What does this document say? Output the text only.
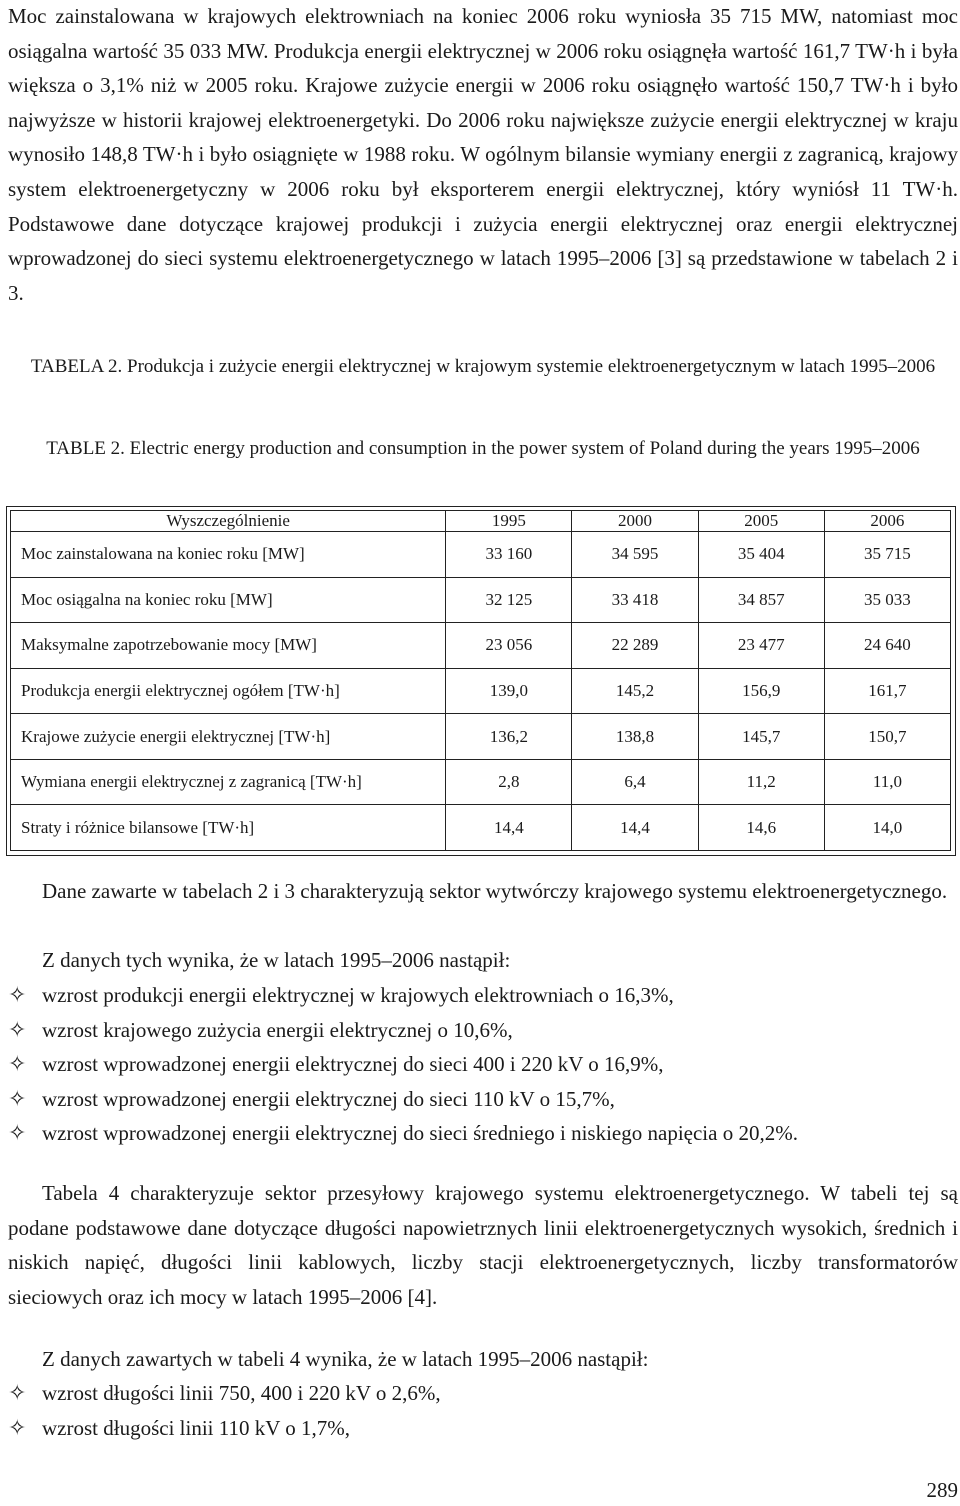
Moc zainstalowana w krajowych elektrowniach na koniec 2006 roku wyniosła 35 715 MW, natomiast moc osiągalna wartość 35 033 MW. Produkcja energii elektrycznej w 2006 roku osiągnęła wartość 161,7 TW·h i była większa o 3,1% niż w 2005 roku. Krajowe zużycie energii w 2006 roku osiągnęło wartość 150,7 TW·h i było najwyższe w historii krajowej elektroenergetyki. Do 2006 roku największe zużycie energii elektrycznej w kraju wynosiło 148,8 TW·h i było osiągnięte w 1988 roku. W ogólnym bilansie wymiany energii z zagranicą, krajowy system elektroenergetyczny w 2006 roku był eksporterem energii elektrycznej, który wyniósł 11 TW·h. Podstawowe dane dotyczące krajowej produkcji i zużycia energii elektrycznej oraz energii elektrycznej wprowadzonej do sieci systemu elektroenergetycznego w latach 1995–2006 [3] są przedstawione w tabelach 2 i 3.

TABELA 2. Produkcja i zużycie energii elektrycznej w krajowym systemie elektroenergetycznym w latach 1995–2006

TABLE 2. Electric energy production and consumption in the power system of Poland during the years 1995–2006

Wyszczególnienie	1995	2000	2005	2006
Moc zainstalowana na koniec roku [MW]	33 160	34 595	35 404	35 715
Moc osiągalna na koniec roku [MW]	32 125	33 418	34 857	35 033
Maksymalne zapotrzebowanie mocy [MW]	23 056	22 289	23 477	24 640
Produkcja energii elektrycznej ogółem [TW·h]	139,0	145,2	156,9	161,7
Krajowe zużycie energii elektrycznej [TW·h]	136,2	138,8	145,7	150,7
Wymiana energii elektrycznej z zagranicą [TW·h]	2,8	6,4	11,2	11,0
Straty i różnice bilansowe [TW·h]	14,4	14,4	14,6	14,0

Dane zawarte w tabelach 2 i 3 charakteryzują sektor wytwórczy krajowego systemu elektroenergetycznego.

Z danych tych wynika, że w latach 1995–2006 nastąpił:

✧ wzrost produkcji energii elektrycznej w krajowych elektrowniach o 16,3%,
✧ wzrost krajowego zużycia energii elektrycznej o 10,6%,
✧ wzrost wprowadzonej energii elektrycznej do sieci 400 i 220 kV o 16,9%,
✧ wzrost wprowadzonej energii elektrycznej do sieci 110 kV o 15,7%,
✧ wzrost wprowadzonej energii elektrycznej do sieci średniego i niskiego napięcia o 20,2%.

Tabela 4 charakteryzuje sektor przesyłowy krajowego systemu elektroenergetycznego. W tabeli tej są podane podstawowe dane dotyczące długości napowietrznych linii elektroenergetycznych wysokich, średnich i niskich napięć, długości linii kablowych, liczby stacji elektroenergetycznych, liczby transformatorów sieciowych oraz ich mocy w latach 1995–2006 [4].

Z danych zawartych w tabeli 4 wynika, że w latach 1995–2006 nastąpił:

✧ wzrost długości linii 750, 400 i 220 kV o 2,6%,
✧ wzrost długości linii 110 kV o 1,7%,
289
